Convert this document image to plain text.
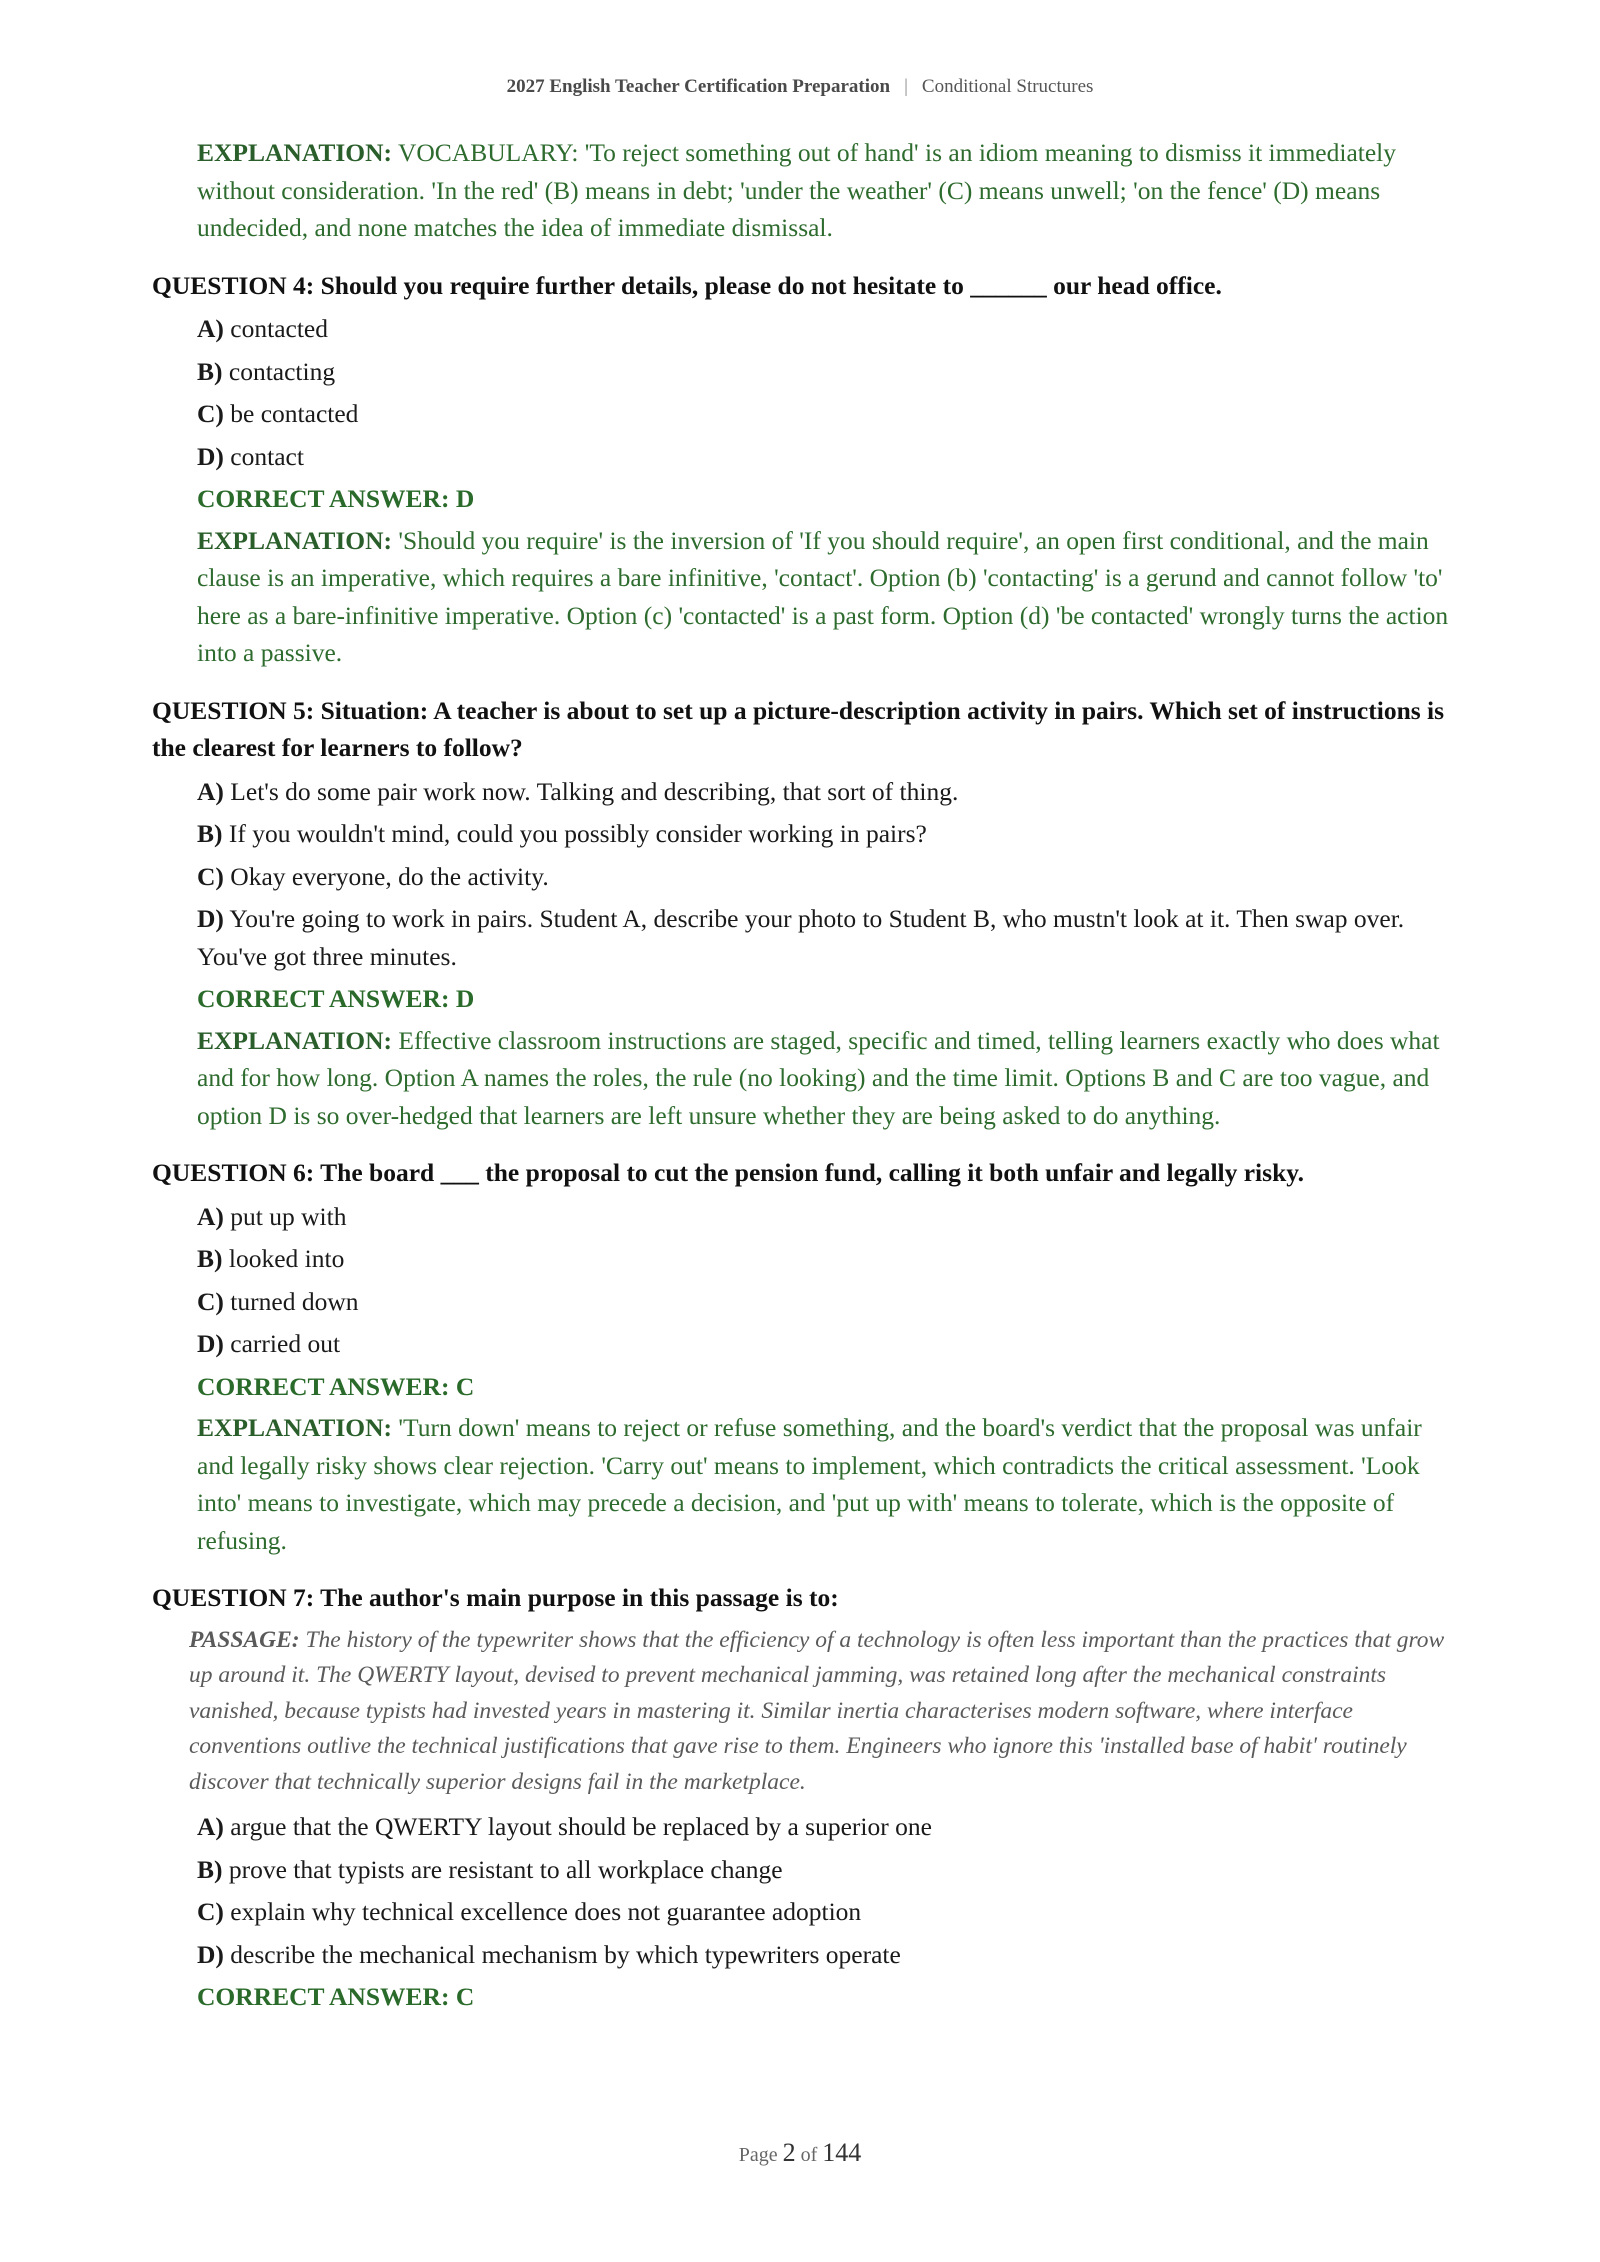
2027 English Teacher Certification Preparation | Conditional Structures

EXPLANATION: VOCABULARY: 'To reject something out of hand' is an idiom meaning to dismiss it immediately without consideration. 'In the red' (B) means in debt; 'under the weather' (C) means unwell; 'on the fence' (D) means undecided, and none matches the idea of immediate dismissal.

QUESTION 4: Should you require further details, please do not hesitate to ______ our head office.

A) contacted

B) contacting

C) be contacted

D) contact

CORRECT ANSWER: D

EXPLANATION: 'Should you require' is the inversion of 'If you should require', an open first conditional, and the main clause is an imperative, which requires a bare infinitive, 'contact'. Option (b) 'contacting' is a gerund and cannot follow 'to' here as a bare-infinitive imperative. Option (c) 'contacted' is a past form. Option (d) 'be contacted' wrongly turns the action into a passive.

QUESTION 5: Situation: A teacher is about to set up a picture-description activity in pairs. Which set of instructions is the clearest for learners to follow?

A) Let's do some pair work now. Talking and describing, that sort of thing.

B) If you wouldn't mind, could you possibly consider working in pairs?

C) Okay everyone, do the activity.

D) You're going to work in pairs. Student A, describe your photo to Student B, who mustn't look at it. Then swap over. You've got three minutes.

CORRECT ANSWER: D

EXPLANATION: Effective classroom instructions are staged, specific and timed, telling learners exactly who does what and for how long. Option A names the roles, the rule (no looking) and the time limit. Options B and C are too vague, and option D is so over-hedged that learners are left unsure whether they are being asked to do anything.

QUESTION 6: The board ___ the proposal to cut the pension fund, calling it both unfair and legally risky.

A) put up with

B) looked into

C) turned down

D) carried out

CORRECT ANSWER: C

EXPLANATION: 'Turn down' means to reject or refuse something, and the board's verdict that the proposal was unfair and legally risky shows clear rejection. 'Carry out' means to implement, which contradicts the critical assessment. 'Look into' means to investigate, which may precede a decision, and 'put up with' means to tolerate, which is the opposite of refusing.

QUESTION 7: The author's main purpose in this passage is to:

PASSAGE: The history of the typewriter shows that the efficiency of a technology is often less important than the practices that grow up around it. The QWERTY layout, devised to prevent mechanical jamming, was retained long after the mechanical constraints vanished, because typists had invested years in mastering it. Similar inertia characterises modern software, where interface conventions outlive the technical justifications that gave rise to them. Engineers who ignore this 'installed base of habit' routinely discover that technically superior designs fail in the marketplace.

A) argue that the QWERTY layout should be replaced by a superior one

B) prove that typists are resistant to all workplace change

C) explain why technical excellence does not guarantee adoption

D) describe the mechanical mechanism by which typewriters operate

CORRECT ANSWER: C

Page 2 of 144
